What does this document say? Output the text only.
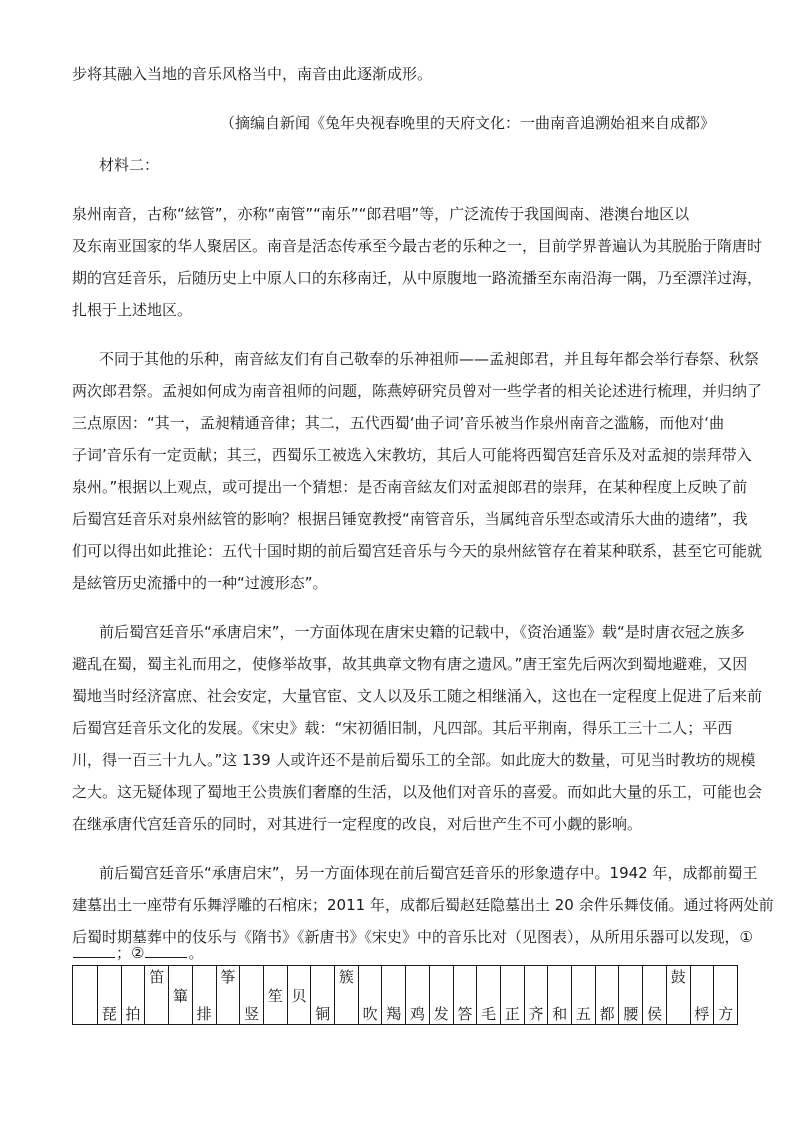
步将其融入当地的音乐风格当中，南音由此逐渐成形。
（摘编自新闻《兔年央视春晚里的天府文化：一曲南音追溯始祖来自成都》
材料二：
泉州南音，古称“絃管”，亦称“南管”“南乐”“郎君唱”等，广泛流传于我国闽南、港澳台地区以
及东南亚国家的华人聚居区。南音是活态传承至今最古老的乐种之一，目前学界普遍认为其脱胎于隋唐时
期的宫廷音乐，后随历史上中原人口的东移南迁，从中原腹地一路流播至东南沿海一隅，乃至漂洋过海，
扎根于上述地区。
不同于其他的乐种，南音絃友们有自己敬奉的乐神祖师——孟昶郎君，并且每年都会举行春祭、秋祭
两次郎君祭。孟昶如何成为南音祖师的问题，陈燕婷研究员曾对一些学者的相关论述进行梳理，并归纳了
三点原因：“其一，孟昶精通音律；其二，五代西蜀‘曲子词’音乐被当作泉州南音之滥觞，而他对‘曲
子词’音乐有一定贡献；其三，西蜀乐工被选入宋教坊，其后人可能将西蜀宫廷音乐及对孟昶的崇拜带入
泉州。”根据以上观点，或可提出一个猜想：是否南音絃友们对孟昶郎君的崇拜，在某种程度上反映了前
后蜀宫廷音乐对泉州絃管的影响？根据吕锤宽教授“南管音乐，当属纯音乐型态或清乐大曲的遗绪”，我
们可以得出如此推论：五代十国时期的前后蜀宫廷音乐与今天的泉州絃管存在着某种联系，甚至它可能就
是絃管历史流播中的一种“过渡形态”。
前后蜀宫廷音乐“承唐启宋”，一方面体现在唐宋史籍的记载中，《资治通鉴》载“是时唐衣冠之族多
避乱在蜀，蜀主礼而用之，使修举故事，故其典章文物有唐之遗风。”唐王室先后两次到蜀地避难，又因
蜀地当时经济富庶、社会安定，大量官宦、文人以及乐工随之相继涌入，这也在一定程度上促进了后来前
后蜀宫廷音乐文化的发展。《宋史》载：“宋初循旧制，凡四部。其后平荆南，得乐工三十二人；平西
川，得一百三十九人。”这 139 人或许还不是前后蜀乐工的全部。如此庞大的数量，可见当时教坊的规模
之大。这无疑体现了蜀地王公贵族们奢靡的生活，以及他们对音乐的喜爱。而如此大量的乐工，可能也会
在继承唐代宫廷音乐的同时，对其进行一定程度的改良，对后世产生不可小觑的影响。
前后蜀宫廷音乐“承唐启宋”，另一方面体现在前后蜀宫廷音乐的形象遗存中。1942 年，成都前蜀王
建墓出土一座带有乐舞浮雕的石棺床；2011 年，成都后蜀赵廷隐墓出土 20 余件乐舞伎俑。通过将两处前
后蜀时期墓葬中的伎乐与《隋书》《新唐书》《宋史》中的音乐比对（见图表），从所用乐器可以发现，①
；②	。
	琵	拍	笛	篳	排	筝	竖	笙	贝	铜	簇	吹	羯	鸡	发	答	毛	正	齐	和	五	都	腰	侯	鼓	桴	方
